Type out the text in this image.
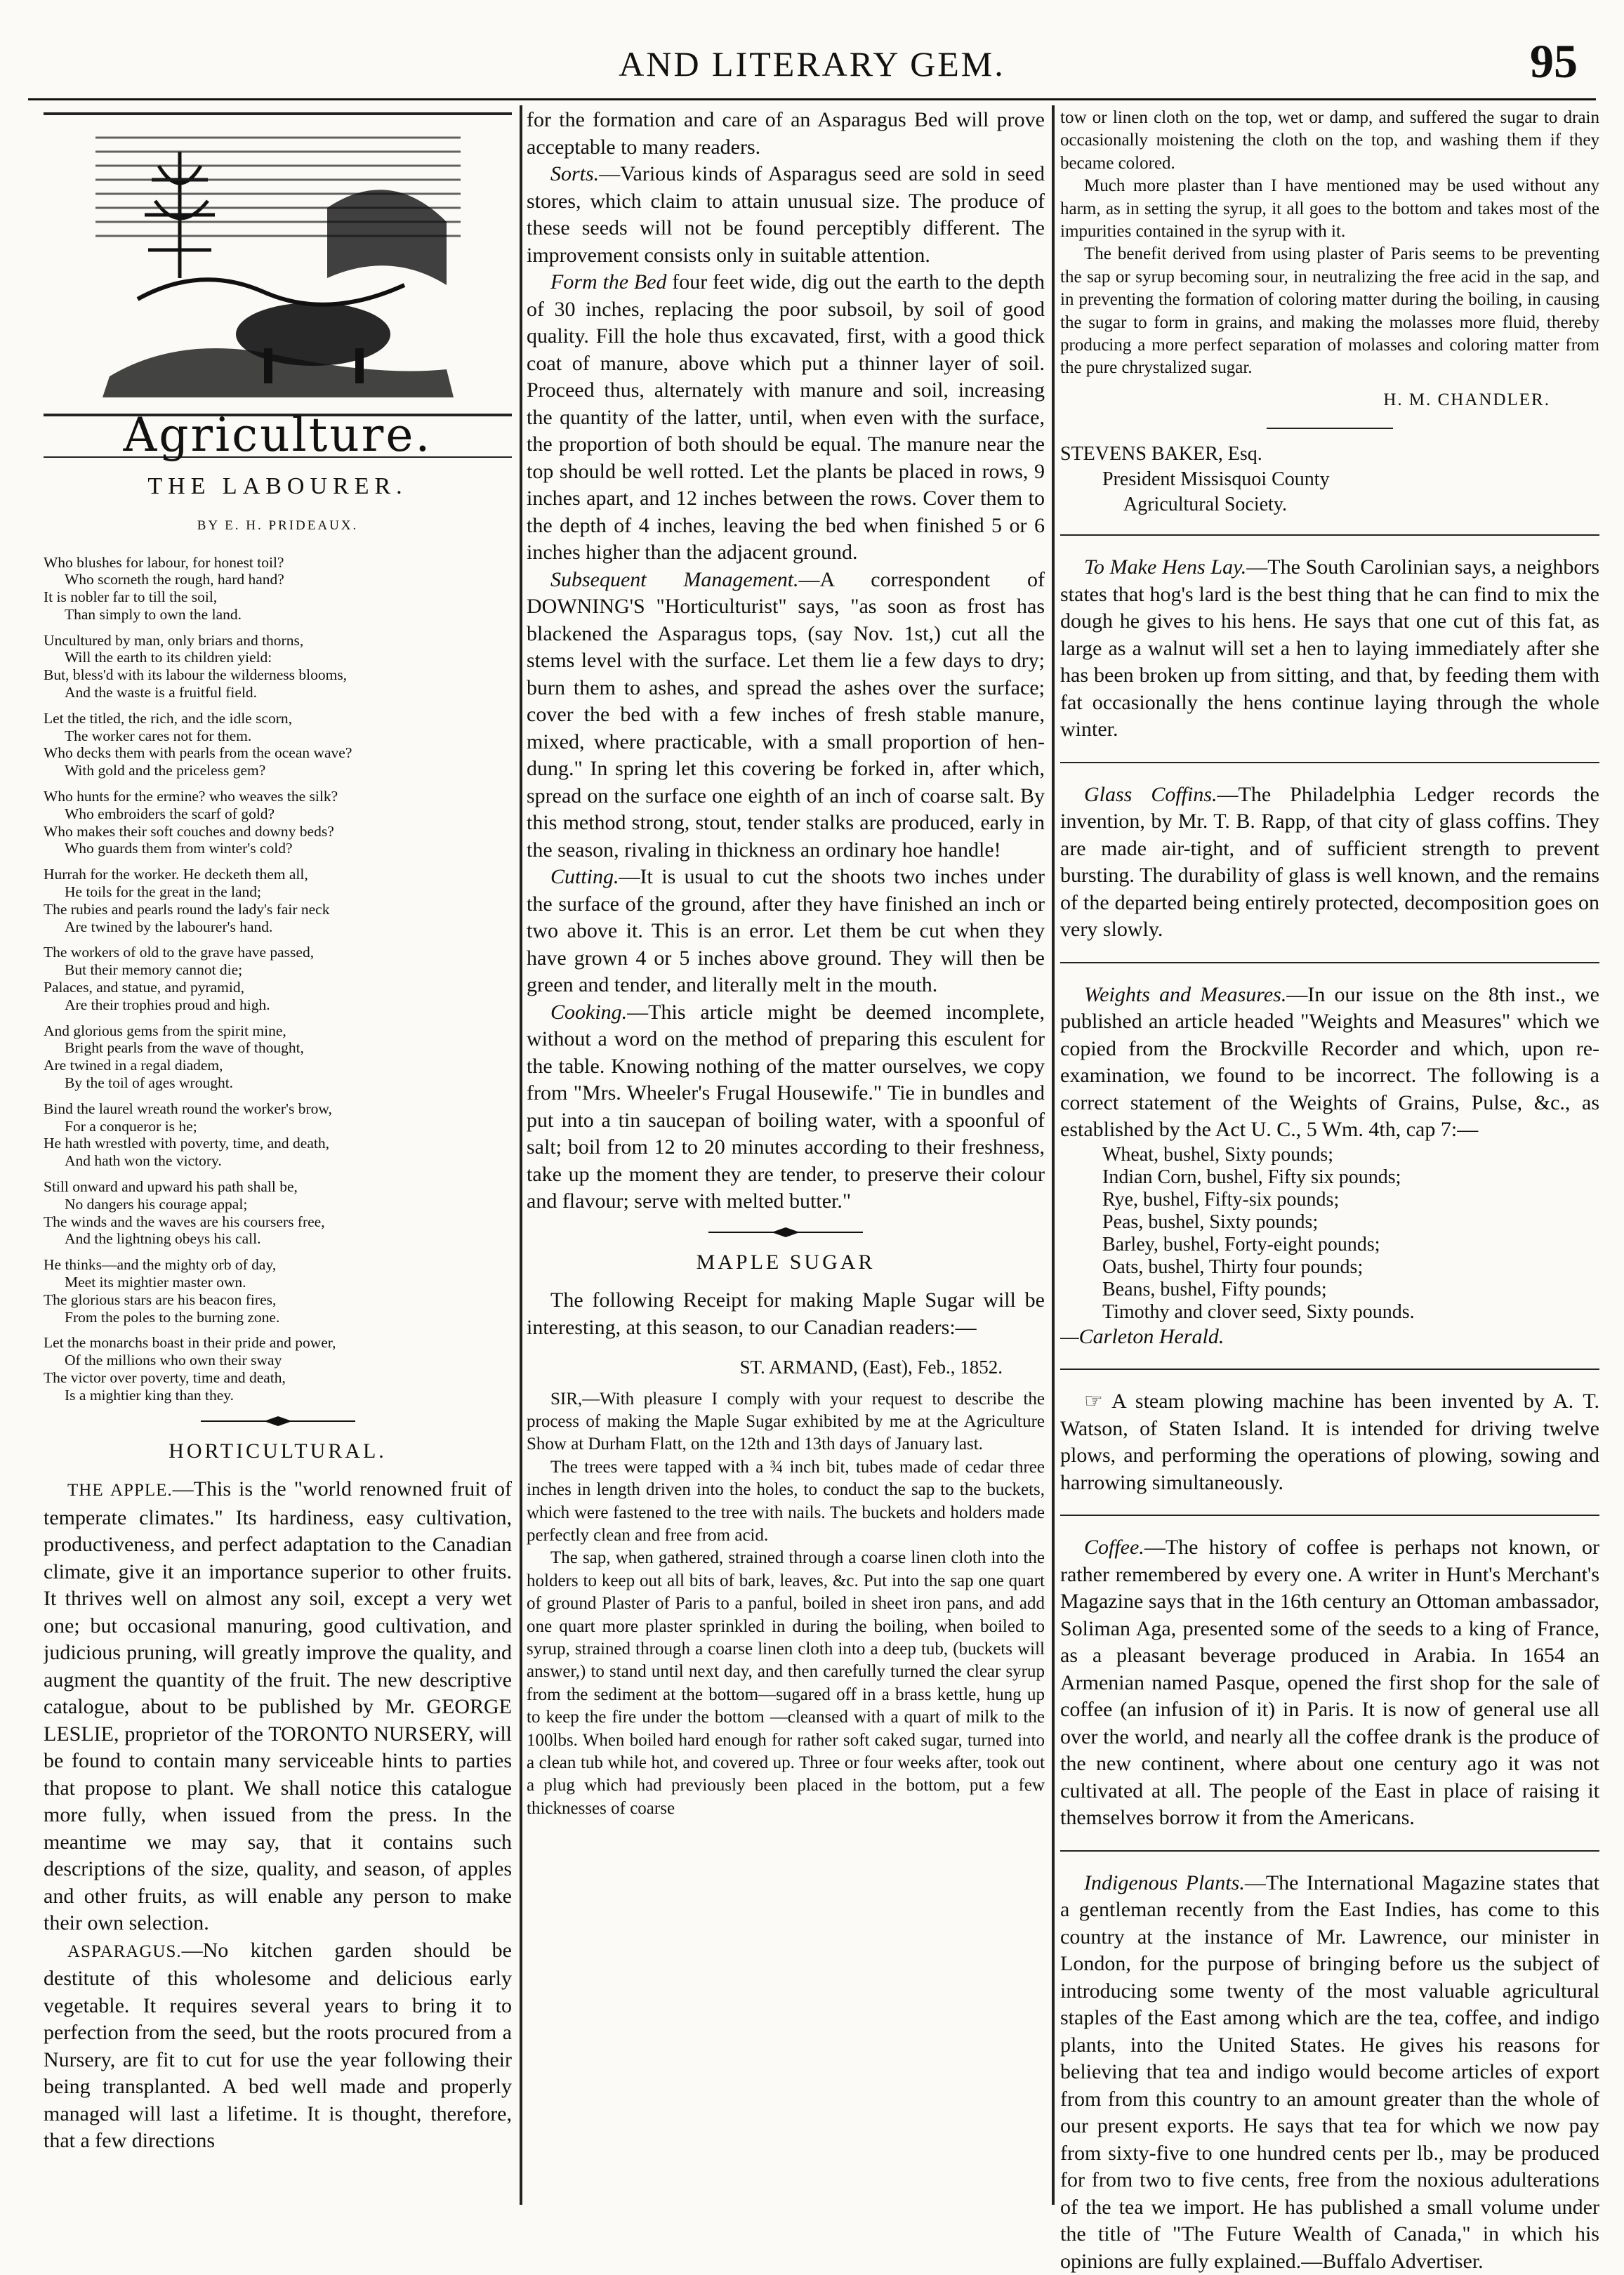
AND LITERARY GEM.	95
Agriculture.
THE LABOURER.
BY E. H. PRIDEAUX.
Who blushes for labour, for honest toil?
Who scorneth the rough, hard hand?
It is nobler far to till the soil,
Than simply to own the land.
Uncultured by man, only briars and thorns,
Will the earth to its children yield:
But, bless'd with its labour the wilderness blooms,
And the waste is a fruitful field.
Let the titled, the rich, and the idle scorn,
The worker cares not for them.
Who decks them with pearls from the ocean wave?
With gold and the priceless gem?
Who hunts for the ermine? who weaves the silk?
Who embroiders the scarf of gold?
Who makes their soft couches and downy beds?
Who guards them from winter's cold?
Hurrah for the worker. He decketh them all,
He toils for the great in the land;
The rubies and pearls round the lady's fair neck
Are twined by the labourer's hand.
The workers of old to the grave have passed,
But their memory cannot die;
Palaces, and statue, and pyramid,
Are their trophies proud and high.
And glorious gems from the spirit mine,
Bright pearls from the wave of thought,
Are twined in a regal diadem,
By the toil of ages wrought.
Bind the laurel wreath round the worker's brow,
For a conqueror is he;
He hath wrestled with poverty, time, and death,
And hath won the victory.
Still onward and upward his path shall be,
No dangers his courage appal;
The winds and the waves are his coursers free,
And the lightning obeys his call.
He thinks—and the mighty orb of day,
Meet its mightier master own.
The glorious stars are his beacon fires,
From the poles to the burning zone.
Let the monarchs boast in their pride and power,
Of the millions who own their sway
The victor over poverty, time and death,
Is a mightier king than they.
HORTICULTURAL.

THE APPLE.—This is the "world renowned fruit of temperate climates." Its hardiness, easy cultivation, productiveness, and perfect adaptation to the Canadian climate, give it an importance superior to other fruits. It thrives well on almost any soil, except a very wet one; but occasional manuring, good cultivation, and judicious pruning, will greatly improve the quality, and augment the quantity of the fruit. The new descriptive catalogue, about to be published by Mr. GEORGE LESLIE, proprietor of the TORONTO NURSERY, will be found to contain many serviceable hints to parties that propose to plant. We shall notice this catalogue more fully, when issued from the press. In the meantime we may say, that it contains such descriptions of the size, quality, and season, of apples and other fruits, as will enable any person to make their own selection.

ASPARAGUS.—No kitchen garden should be destitute of this wholesome and delicious early vegetable. It requires several years to bring it to perfection from the seed, but the roots procured from a Nursery, are fit to cut for use the year following their being transplanted. A bed well made and properly managed will last a lifetime. It is thought, therefore, that a few directions

for the formation and care of an Asparagus Bed will prove acceptable to many readers.

Sorts.—Various kinds of Asparagus seed are sold in seed stores, which claim to attain unusual size. The produce of these seeds will not be found perceptibly different. The improvement consists only in suitable attention.

Form the Bed four feet wide, dig out the earth to the depth of 30 inches, replacing the poor subsoil, by soil of good quality. Fill the hole thus excavated, first, with a good thick coat of manure, above which put a thinner layer of soil. Proceed thus, alternately with manure and soil, increasing the quantity of the latter, until, when even with the surface, the proportion of both should be equal. The manure near the top should be well rotted. Let the plants be placed in rows, 9 inches apart, and 12 inches between the rows. Cover them to the depth of 4 inches, leaving the bed when finished 5 or 6 inches higher than the adjacent ground.

Subsequent Management.—A correspondent of DOWNING'S "Horticulturist" says, "as soon as frost has blackened the Asparagus tops, (say Nov. 1st,) cut all the stems level with the surface. Let them lie a few days to dry; burn them to ashes, and spread the ashes over the surface; cover the bed with a few inches of fresh stable manure, mixed, where practicable, with a small proportion of hen-dung." In spring let this covering be forked in, after which, spread on the surface one eighth of an inch of coarse salt. By this method strong, stout, tender stalks are produced, early in the season, rivaling in thickness an ordinary hoe handle!

Cutting.—It is usual to cut the shoots two inches under the surface of the ground, after they have finished an inch or two above it. This is an error. Let them be cut when they have grown 4 or 5 inches above ground. They will then be green and tender, and literally melt in the mouth.

Cooking.—This article might be deemed incomplete, without a word on the method of preparing this esculent for the table. Knowing nothing of the matter ourselves, we copy from "Mrs. Wheeler's Frugal Housewife." Tie in bundles and put into a tin saucepan of boiling water, with a spoonful of salt; boil from 12 to 20 minutes according to their freshness, take up the moment they are tender, to preserve their colour and flavour; serve with melted butter."

MAPLE SUGAR

The following Receipt for making Maple Sugar will be interesting, at this season, to our Canadian readers:—

ST. ARMAND, (East), Feb., 1852.

SIR,—With pleasure I comply with your request to describe the process of making the Maple Sugar exhibited by me at the Agriculture Show at Durham Flatt, on the 12th and 13th days of January last.

The trees were tapped with a ¾ inch bit, tubes made of cedar three inches in length driven into the holes, to conduct the sap to the buckets, which were fastened to the tree with nails. The buckets and holders made perfectly clean and free from acid.

The sap, when gathered, strained through a coarse linen cloth into the holders to keep out all bits of bark, leaves, &c. Put into the sap one quart of ground Plaster of Paris to a panful, boiled in sheet iron pans, and add one quart more plaster sprinkled in during the boiling, when boiled to syrup, strained through a coarse linen cloth into a deep tub, (buckets will answer,) to stand until next day, and then carefully turned the clear syrup from the sediment at the bottom—sugared off in a brass kettle, hung up to keep the fire under the bottom —cleansed with a quart of milk to the 100lbs. When boiled hard enough for rather soft caked sugar, turned into a clean tub while hot, and covered up. Three or four weeks after, took out a plug which had previously been placed in the bottom, put a few thicknesses of coarse

tow or linen cloth on the top, wet or damp, and suffered the sugar to drain occasionally moistening the cloth on the top, and washing them if they became colored.

Much more plaster than I have mentioned may be used without any harm, as in setting the syrup, it all goes to the bottom and takes most of the impurities contained in the syrup with it.

The benefit derived from using plaster of Paris seems to be preventing the sap or syrup becoming sour, in neutralizing the free acid in the sap, and in preventing the formation of coloring matter during the boiling, in causing the sugar to form in grains, and making the molasses more fluid, thereby producing a more perfect separation of molasses and coloring matter from the pure chrystalized sugar.

H. M. CHANDLER.
STEVENS BAKER, Esq.
President Missisquoi County
Agricultural Society.

To Make Hens Lay.—The South Carolinian says, a neighbors states that hog's lard is the best thing that he can find to mix the dough he gives to his hens. He says that one cut of this fat, as large as a walnut will set a hen to laying immediately after she has been broken up from sitting, and that, by feeding them with fat occasionally the hens continue laying through the whole winter.

Glass Coffins.—The Philadelphia Ledger records the invention, by Mr. T. B. Rapp, of that city of glass coffins. They are made air-tight, and of sufficient strength to prevent bursting. The durability of glass is well known, and the remains of the departed being entirely protected, decomposition goes on very slowly.

Weights and Measures.—In our issue on the 8th inst., we published an article headed "Weights and Measures" which we copied from the Brockville Recorder and which, upon re-examination, we found to be incorrect. The following is a correct statement of the Weights of Grains, Pulse, &c., as established by the Act U. C., 5 Wm. 4th, cap 7:—

Wheat, bushel, Sixty pounds;
Indian Corn, bushel, Fifty six pounds;
Rye, bushel, Fifty-six pounds;
Peas, bushel, Sixty pounds;
Barley, bushel, Forty-eight pounds;
Oats, bushel, Thirty four pounds;
Beans, bushel, Fifty pounds;
Timothy and clover seed, Sixty pounds.

—Carleton Herald.

☞ A steam plowing machine has been invented by A. T. Watson, of Staten Island. It is intended for driving twelve plows, and performing the operations of plowing, sowing and harrowing simultaneously.

Coffee.—The history of coffee is perhaps not known, or rather remembered by every one. A writer in Hunt's Merchant's Magazine says that in the 16th century an Ottoman ambassador, Soliman Aga, presented some of the seeds to a king of France, as a pleasant beverage produced in Arabia. In 1654 an Armenian named Pasque, opened the first shop for the sale of coffee (an infusion of it) in Paris. It is now of general use all over the world, and nearly all the coffee drank is the produce of the new continent, where about one century ago it was not cultivated at all. The people of the East in place of raising it themselves borrow it from the Americans.

Indigenous Plants.—The International Magazine states that a gentleman recently from the East Indies, has come to this country at the instance of Mr. Lawrence, our minister in London, for the purpose of bringing before us the subject of introducing some twenty of the most valuable agricultural staples of the East among which are the tea, coffee, and indigo plants, into the United States. He gives his reasons for believing that tea and indigo would become articles of export from from this country to an amount greater than the whole of our present exports. He says that tea for which we now pay from sixty-five to one hundred cents per lb., may be produced for from two to five cents, free from the noxious adulterations of the tea we import. He has published a small volume under the title of "The Future Wealth of Canada," in which his opinions are fully explained.—Buffalo Advertiser.
